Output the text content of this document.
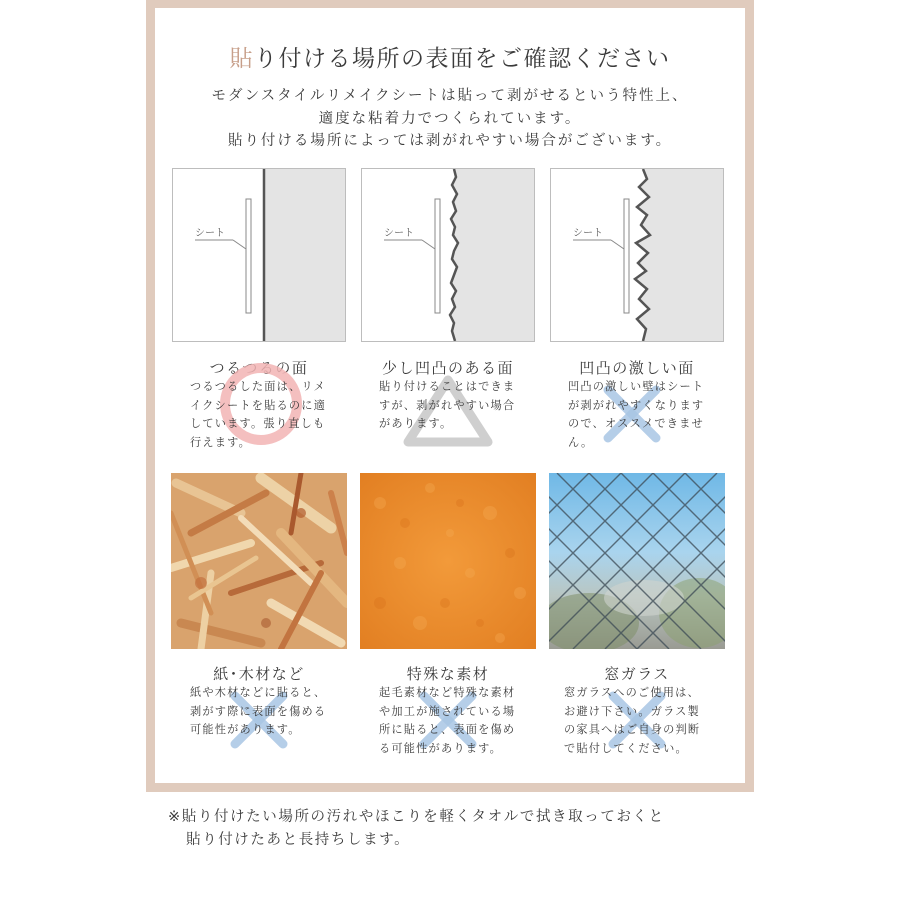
貼り付ける場所の表面をご確認ください
モダンスタイルリメイクシートは貼って剥がせるという特性上、
適度な粘着力でつくられています。
貼り付ける場所によっては剥がれやすい場合がございます。
シート	シート	シート
つるつるの面	少し凹凸のある面	凹凸の激しい面
つるつるした面は、リメ
イクシートを貼るのに適
しています。張り直しも
行えます。
貼り付けることはできま
すが、剥がれやすい場合
があります。
凹凸の激しい壁はシート
が剥がれやすくなります
ので、オススメできませ
ん。
紙･木材など	特殊な素材	窓ガラス
紙や木材などに貼ると、
剥がす際に表面を傷める
可能性があります。
起毛素材など特殊な素材
や加工が施されている場
所に貼ると、表面を傷め
る可能性があります。
窓ガラスへのご使用は、
お避け下さい。ガラス製
の家具へはご自身の判断
で貼付してください。
※貼り付けたい場所の汚れやほこりを軽くタオルで拭き取っておくと
貼り付けたあと長持ちします。
